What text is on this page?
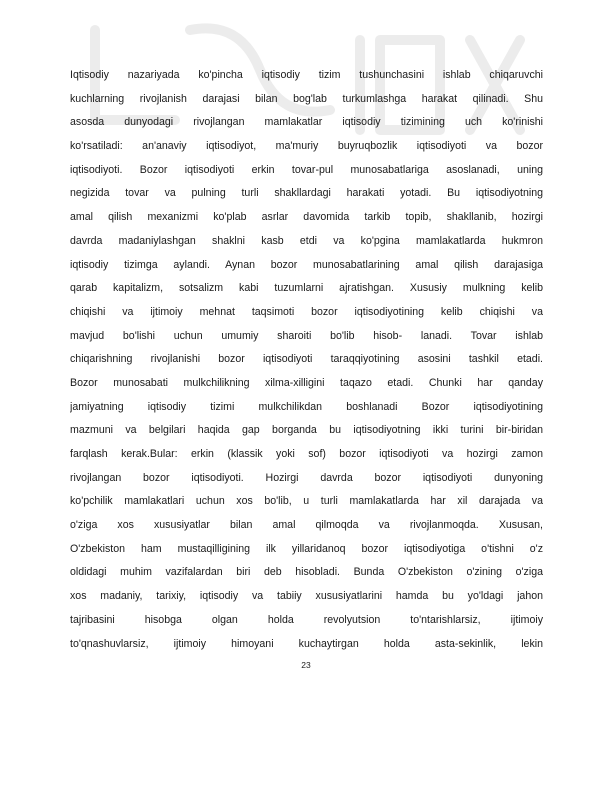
Iqtisodiy nazariyada ko'pincha iqtisodiy tizim tushunchasini ishlab chiqaruvchi
kuchlarning rivojlanish darajasi bilan bog'lab turkumlashga harakat qilinadi. Shu
asosda dunyodagi rivojlangan mamlakatlar iqtisodiy tizimining uch ko'rinishi
ko'rsatiladi: an'anaviy iqtisodiyot, ma'muriy buyruqbozlik iqtisodiyoti va bozor
iqtisodiyoti. Bozor iqtisodiyoti erkin tovar-pul munosabatlariga asoslanadi, uning
negizida tovar va pulning turli shakllardagi harakati yotadi. Bu iqtisodiyotning
amal qilish mexanizmi ko'plab asrlar davomida tarkib topib, shakllanib, hozirgi
davrda madaniylashgan shaklni kasb etdi va ko'pgina mamlakatlarda hukmron
iqtisodiy tizimga aylandi. Aynan bozor munosabatlarining amal qilish darajasiga
qarab kapitalizm, sotsalizm kabi tuzumlarni ajratishgan. Xususiy mulkning kelib
chiqishi va ijtimoiy mehnat taqsimoti bozor iqtisodiyotining kelib chiqishi va
mavjud bo'lishi uchun umumiy sharoiti bo'lib hisob- lanadi. Tovar ishlab
chiqarishning rivojlanishi bozor iqtisodiyoti taraqqiyotining asosini tashkil etadi.
Bozor munosabati mulkchilikning xilma-xilligini taqazo etadi. Chunki har qanday
jamiyatning iqtisodiy tizimi mulkchilikdan boshlanadi Bozor iqtisodiyotining
mazmuni va belgilari haqida gap borganda bu iqtisodiyotning ikki turini bir-biridan
farqlash kerak.Bular: erkin (klassik yoki sof) bozor iqtisodiyoti va hozirgi zamon
rivojlangan bozor iqtisodiyoti. Hozirgi davrda bozor iqtisodiyoti dunyoning
ko'pchilik mamlakatlari uchun xos bo'lib, u turli mamlakatlarda har xil darajada va
o'ziga xos xususiyatlar bilan amal qilmoqda va rivojlanmoqda. Xususan,
O'zbekiston ham mustaqilligining ilk yillaridanoq bozor iqtisodiyotiga o'tishni o'z
oldidagi muhim vazifalardan biri deb hisobladi. Bunda O'zbekiston o'zining o'ziga
xos madaniy, tarixiy, iqtisodiy va tabiiy xususiyatlarini hamda bu yo'ldagi jahon
tajribasini hisobga olgan holda revolyutsion to'ntarishlarsiz, ijtimoiy
to'qnashuvlarsiz, ijtimoiy himoyani kuchaytirgan holda asta-sekinlik, lekin
23
